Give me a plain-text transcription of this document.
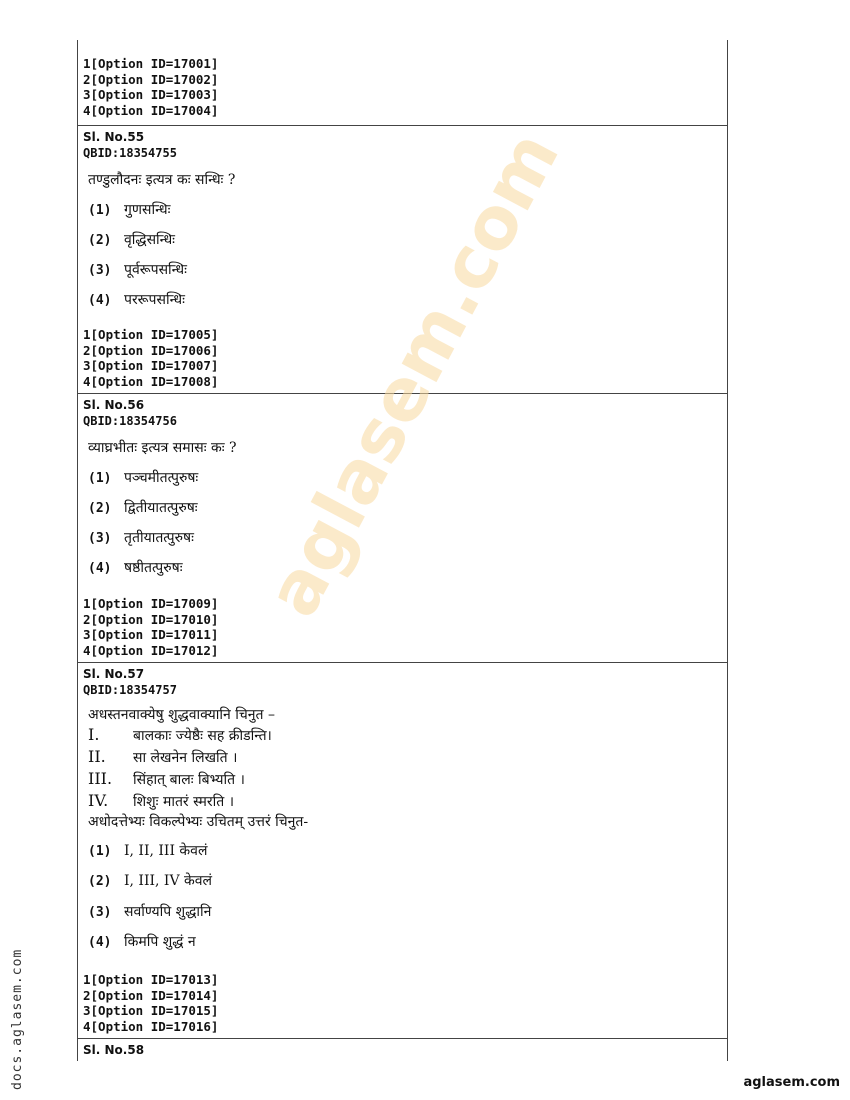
1[Option ID=17001]
2[Option ID=17002]
3[Option ID=17003]
4[Option ID=17004]
Sl. No.55
QBID:18354755
तण्डुलौदनः इत्यत्र कः सन्धिः ?
(1) गुणसन्धिः
(2) वृद्धिसन्धिः
(3) पूर्वरूपसन्धिः
(4) पररूपसन्धिः
1[Option ID=17005]
2[Option ID=17006]
3[Option ID=17007]
4[Option ID=17008]
Sl. No.56
QBID:18354756
व्याघ्रभीतः इत्यत्र समासः कः ?
(1) पञ्चमीतत्पुरुषः
(2) द्वितीयातत्पुरुषः
(3) तृतीयातत्पुरुषः
(4) षष्ठीतत्पुरुषः
1[Option ID=17009]
2[Option ID=17010]
3[Option ID=17011]
4[Option ID=17012]
Sl. No.57
QBID:18354757
अधस्तनवाक्येषु शुद्धवाक्यानि चिनुत –
I. बालकाः ज्येष्ठैः सह क्रीडन्ति।
II. सा लेखनेन लिखति ।
III. सिंहात् बालः बिभ्यति ।
IV. शिशुः मातरं स्मरति ।
अधोदत्तेभ्यः विकल्पेभ्यः उचितम् उत्तरं चिनुत-
(1) I, II, III केवलं
(2) I, III, IV केवलं
(3) सर्वाण्यपि शुद्धानि
(4) किमपि शुद्धं न
1[Option ID=17013]
2[Option ID=17014]
3[Option ID=17015]
4[Option ID=17016]
Sl. No.58
aglasem.com
docs.aglasem.com	aglasem.com
